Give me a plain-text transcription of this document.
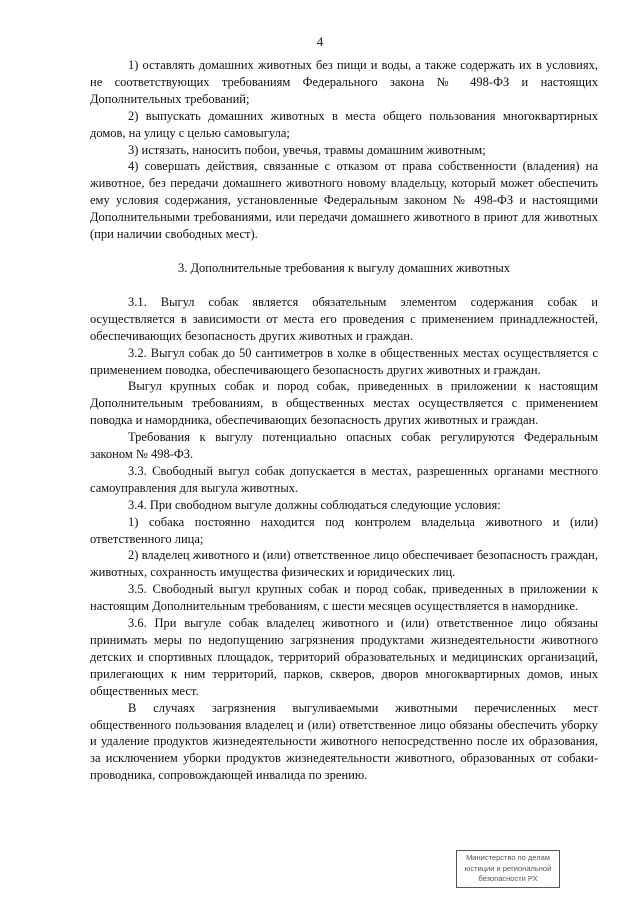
4

1) оставлять домашних животных без пищи и воды, а также содержать их в условиях, не соответствующих требованиям Федерального закона № 498-ФЗ и настоящих Дополнительных требований;

2) выпускать домашних животных в места общего пользования многоквартирных домов, на улицу с целью самовыгула;

3) истязать, наносить побои, увечья, травмы домашним животным;

4) совершать действия, связанные с отказом от права собственности (владения) на животное, без передачи домашнего животного новому владельцу, который может обеспечить ему условия содержания, установленные Федеральным законом № 498-ФЗ и настоящими Дополнительными требованиями, или передачи домашнего животного в приют для животных (при наличии свободных мест).

3. Дополнительные требования к выгулу домашних животных

3.1. Выгул собак является обязательным элементом содержания собак и осуществляется в зависимости от места его проведения с применением принадлежностей, обеспечивающих безопасность других животных и граждан.

3.2. Выгул собак до 50 сантиметров в холке в общественных местах осуществляется с применением поводка, обеспечивающего безопасность других животных и граждан.

Выгул крупных собак и пород собак, приведенных в приложении к настоящим Дополнительным требованиям, в общественных местах осуществляется с применением поводка и намордника, обеспечивающих безопасность других животных и граждан.

Требования к выгулу потенциально опасных собак регулируются Федеральным законом № 498-ФЗ.

3.3. Свободный выгул собак допускается в местах, разрешенных органами местного самоуправления для выгула животных.

3.4. При свободном выгуле должны соблюдаться следующие условия:

1) собака постоянно находится под контролем владельца животного и (или) ответственного лица;

2) владелец животного и (или) ответственное лицо обеспечивает безопасность граждан, животных, сохранность имущества физических и юридических лиц.

3.5. Свободный выгул крупных собак и пород собак, приведенных в приложении к настоящим Дополнительным требованиям, с шести месяцев осуществляется в наморднике.

3.6. При выгуле собак владелец животного и (или) ответственное лицо обязаны принимать меры по недопущению загрязнения продуктами жизнедеятельности животного детских и спортивных площадок, территорий образовательных и медицинских организаций, прилегающих к ним территорий, парков, скверов, дворов многоквартирных домов, иных общественных мест.

В случаях загрязнения выгуливаемыми животными перечисленных мест общественного пользования владелец и (или) ответственное лицо обязаны обеспечить уборку и удаление продуктов жизнедеятельности животного непосредственно после их образования, за исключением уборки продуктов жизнедеятельности животного, образованных от собаки-проводника, сопровождающей инвалида по зрению.

Министерство по делам
юстиции и региональной
безопасности РХ
